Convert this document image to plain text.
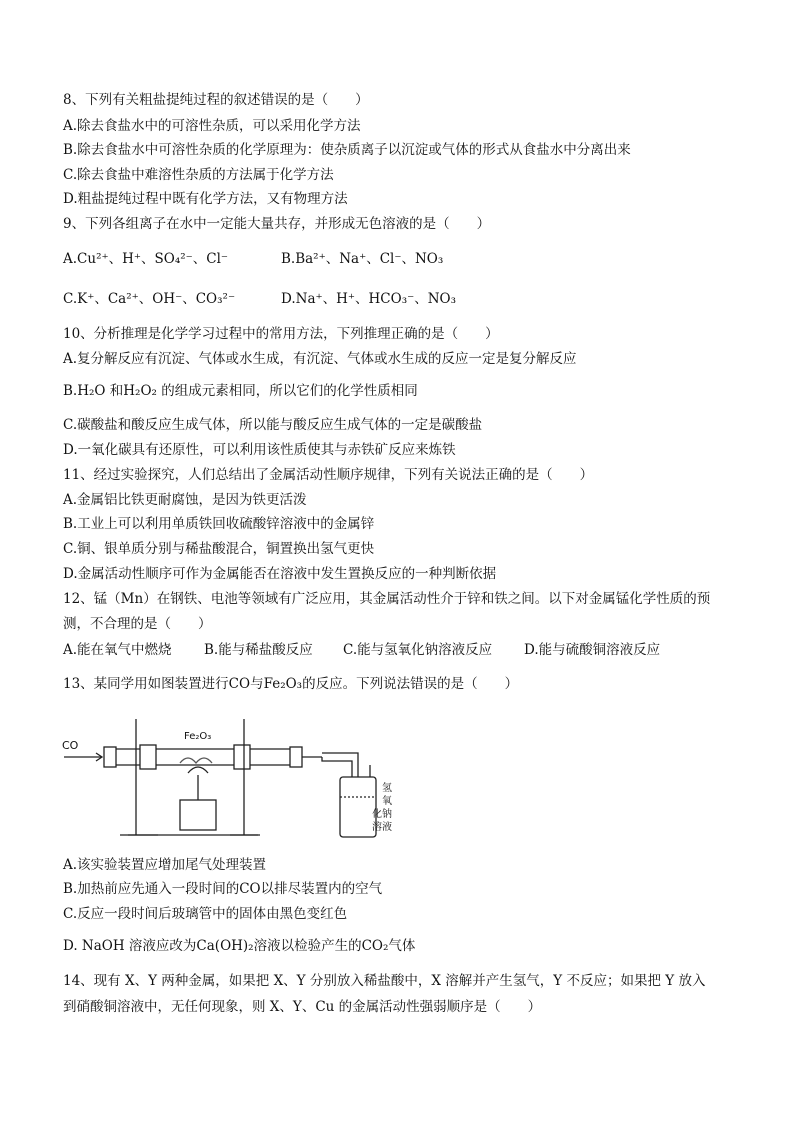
8、下列有关粗盐提纯过程的叙述错误的是（　　）
A.除去食盐水中的可溶性杂质，可以采用化学方法
B.除去食盐水中可溶性杂质的化学原理为：使杂质离子以沉淀或气体的形式从食盐水中分离出来
C.除去食盐中难溶性杂质的方法属于化学方法
D.粗盐提纯过程中既有化学方法，又有物理方法
9、下列各组离子在水中一定能大量共存，并形成无色溶液的是（　　）
A.Cu²⁺、H⁺、SO₄²⁻、Cl⁻	B.Ba²⁺、Na⁺、Cl⁻、NO₃
C.K⁺、Ca²⁺、OH⁻、CO₃²⁻	D.Na⁺、H⁺、HCO₃⁻、NO₃
10、分析推理是化学学习过程中的常用方法，下列推理正确的是（　　）
A.复分解反应有沉淀、气体或水生成，有沉淀、气体或水生成的反应一定是复分解反应
B.H₂O 和H₂O₂ 的组成元素相同，所以它们的化学性质相同
C.碳酸盐和酸反应生成气体，所以能与酸反应生成气体的一定是碳酸盐
D.一氧化碳具有还原性，可以利用该性质使其与赤铁矿反应来炼铁
11、经过实验探究，人们总结出了金属活动性顺序规律，下列有关说法正确的是（　　）
A.金属铝比铁更耐腐蚀，是因为铁更活泼
B.工业上可以利用单质铁回收硫酸锌溶液中的金属锌
C.铜、银单质分别与稀盐酸混合，铜置换出氢气更快
D.金属活动性顺序可作为金属能否在溶液中发生置换反应的一种判断依据
12、锰（Mn）在钢铁、电池等领域有广泛应用，其金属活动性介于锌和铁之间。以下对金属锰化学性质的预
测，不合理的是（　　）
A.能在氧气中燃烧 B.能与稀盐酸反应 C.能与氢氧化钠溶液反应 D.能与硫酸铜溶液反应
13、某同学用如图装置进行CO与Fe₂O₃的反应。下列说法错误的是（　　）
CO
Fe₂O₃
氢
氧
化钠
溶液
A.该实验装置应增加尾气处理装置
B.加热前应先通入一段时间的CO以排尽装置内的空气
C.反应一段时间后玻璃管中的固体由黑色变红色
D. NaOH 溶液应改为Ca(OH)₂溶液以检验产生的CO₂气体
14、现有 X、Y 两种金属，如果把 X、Y 分别放入稀盐酸中，X 溶解并产生氢气，Y 不反应；如果把 Y 放入
到硝酸铜溶液中，无任何现象，则 X、Y、Cu 的金属活动性强弱顺序是（　　）
